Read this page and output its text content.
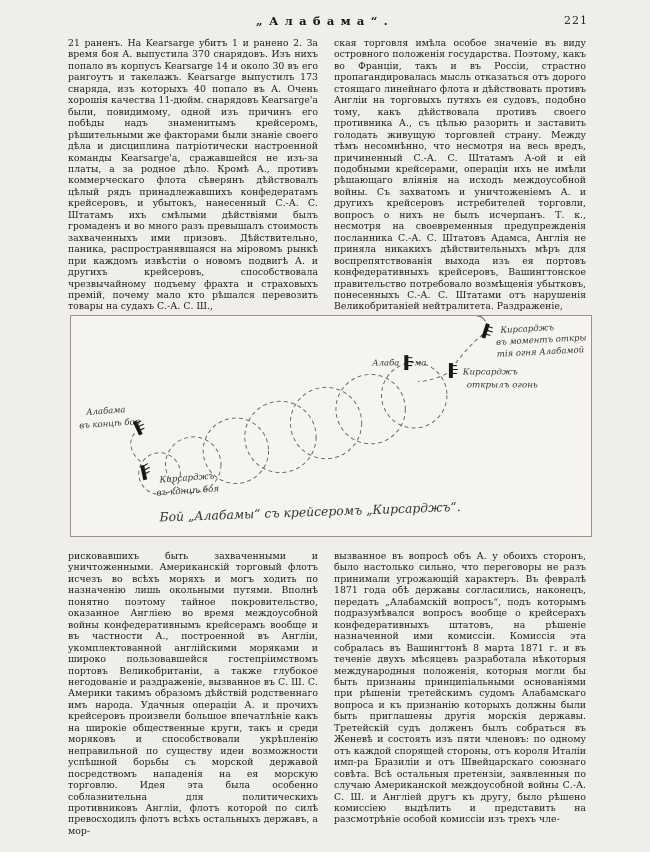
„Алабама“.	221
21 раненъ. На Kearsarge убитъ 1 и ранено 2. За время боя А. выпустила 370 снарядовъ. Изъ нихъ попало въ корпусъ Kearsarge 14 и около 30 въ его рангоутъ и такелажъ. Kearsarge выпустилъ 173 снаряда, изъ которыхъ 40 попало въ А. Очень хорошія качества 11-дюйм. снарядовъ Kearsarge'а были, повидимому, одной изъ причинъ его побѣды надъ знаменитымъ крейсеромъ, рѣшительными же факторами были знаніе своего дѣла и дисциплина патріотически настроенной команды Kearsarge'а, сражавшейся не изъ-за платы, а за родное дѣло. Кромѣ А., противъ коммерческаго флота сѣверянъ дѣйствовалъ цѣлый рядъ принадлежавшихъ конфедератамъ крейсеровъ, и убытокъ, нанесенный С.-А. С. Штатамъ ихъ смѣлыми дѣйствіями былъ громаденъ и во много разъ превышалъ стоимость захваченныхъ ими призовъ. Дѣйствительно, паника, распространявшаяся на міровомъ рынкѣ при каждомъ извѣстіи о новомъ подвигѣ А. и другихъ крейсеровъ, способствовала чрезвычайному подъему фрахта и страховыхъ премій, почему мало кто рѣшался перевозить товары на судахъ С.-А. С. Ш.,
ская торговля имѣла особое значеніе въ виду островного положенія государства. Поэтому, какъ во Франціи, такъ и въ Россіи, страстно пропагандировалась мысль отказаться отъ дорого стоящаго линейнаго флота и дѣйствовать противъ Англіи на торговыхъ путяхъ ея судовъ, подобно тому, какъ дѣйствовала противъ своего противника А., съ цѣлью разорить и заставить голодать живущую торговлей страну. Между тѣмъ несомнѣнно, что несмотря на весь вредъ, причиненный С.-А. С. Штатамъ А-ой и ей подобными крейсерами, операціи ихъ не имѣли рѣшающаго вліянія на исходъ междоусобной войны. Съ захватомъ и уничтоженіемъ А. и другихъ крейсеровъ истребителей торговли, вопросъ о нихъ не былъ исчерпанъ. Т. к., несмотря на своевременныя предупрежденія посланника С.-А. С. Штатовъ Адамса, Англія не приняла никакихъ дѣйствительныхъ мѣръ для воспрепятствованія выхода изъ ея портовъ конфедеративныхъ крейсеровъ, Вашингтонское правительство потребовало возмѣщенія убытковъ, понесенныхъ С.-А. С. Штатами отъ нарушенія Великобританіей нейтралитета. Раздраженіе,
Кирсарджъ
въ моментъ откры
тія огня Алабамой
Алаба ма
Кирсарджъ
открылъ огонь
Алабама
въ концѣ боя
Кирсарджъ
въ концѣ боя
Бой „Алабамы“ съ крейсеромъ „Кирсарджъ“.
рисковавшихъ быть захваченными и уничтоженными. Американскій торговый флотъ исчезъ во всѣхъ моряхъ и могъ ходить по назначенію лишь окольными путями. Вполнѣ понятно поэтому тайное покровительство, оказанное Англіею во время междоусобной войны конфедеративнымъ крейсерамъ вообще и въ частности А., построенной въ Англіи, укомплектованной англійскими моряками и широко пользовавшейся гостепріимствомъ портовъ Великобританіи, а также глубокое негодованіе и раздраженіе, вызванное въ С. Ш. С. Америки такимъ образомъ дѣйствій родственнаго имъ народа. Удачныя операціи А. и прочихъ крейсеровъ произвели большое впечатлѣніе какъ на широкіе общественные круги, такъ и среди моряковъ и способствовали укрѣпленію неправильной по существу идеи возможности успѣшной борьбы съ морской державой посредствомъ нападенія на ея морскую торговлю. Идея эта была особенно соблазнительна для политическихъ противниковъ Англіи, флотъ которой по силѣ превосходилъ флотъ всѣхъ остальныхъ державъ, а мор-
вызванное въ вопросѣ объ А. у обоихъ сторонъ, было настолько сильно, что переговоры не разъ принимали угрожающій характеръ. Въ февралѣ 1871 года обѣ державы согласились, наконецъ, передать „Алабамскій вопросъ“, подъ которымъ подразумѣвался вопросъ вообще о крейсерахъ конфедеративныхъ штатовъ, на рѣшеніе назначенной ими комиссіи. Комиссія эта собралась въ Вашингтонѣ 8 марта 1871 г. и въ теченіе двухъ мѣсяцевъ разработала нѣкоторыя международныя положенія, которыя могли бы быть признаны принципіальными основаніями при рѣшеніи третейскимъ судомъ Алабамскаго вопроса и къ признанію которыхъ должны были быть приглашены другія морскія державы. Третейскій судъ долженъ былъ собраться въ Женевѣ и состоять изъ пяти членовъ: по одному отъ каждой спорящей стороны, отъ короля Италіи имп-ра Бразиліи и отъ Швейцарскаго союзнаго совѣта. Всѣ остальныя претензіи, заявленныя по случаю Американской междоусобной войны С.-А. С. Ш. и Англіей другъ къ другу, было рѣшено комиссіею выдѣлить и представить на разсмотрѣніе особой комиссіи изъ трехъ чле-
